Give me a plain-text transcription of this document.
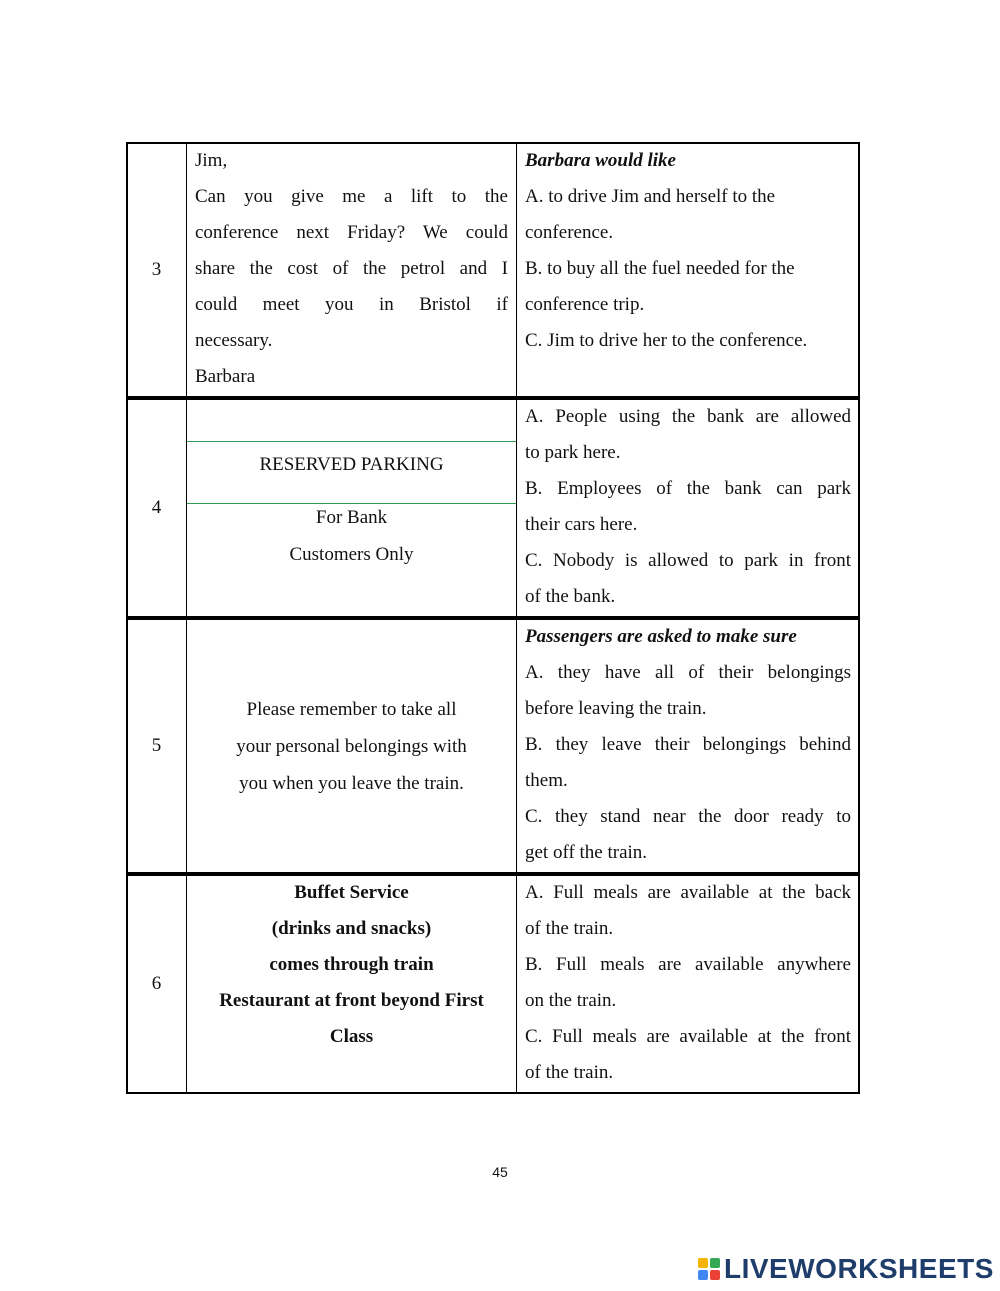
3
Jim,
Can you give me a lift to the
conference next Friday? We could
share the cost of the petrol and I
could meet you in Bristol if
necessary.
Barbara
Barbara would like
A. to drive Jim and herself to the
conference.
B. to buy all the fuel needed for the
conference trip.
C. Jim to drive her to the conference.
4
RESERVED PARKING
For Bank
Customers Only
A. People using the bank are allowed
to park here.
B. Employees of the bank can park
their cars here.
C. Nobody is allowed to park in front
of the bank.
5
Please remember to take all
your personal belongings with
you when you leave the train.
Passengers are asked to make sure
A. they have all of their belongings
before leaving the train.
B. they leave their belongings behind
them.
C. they stand near the door ready to
get off the train.
6
Buffet Service
(drinks and snacks)
comes through train
Restaurant at front beyond First
Class
A. Full meals are available at the back
of the train.
B. Full meals are available anywhere
on the train.
C. Full meals are available at the front
of the train.
45
LIVEWORKSHEETS
